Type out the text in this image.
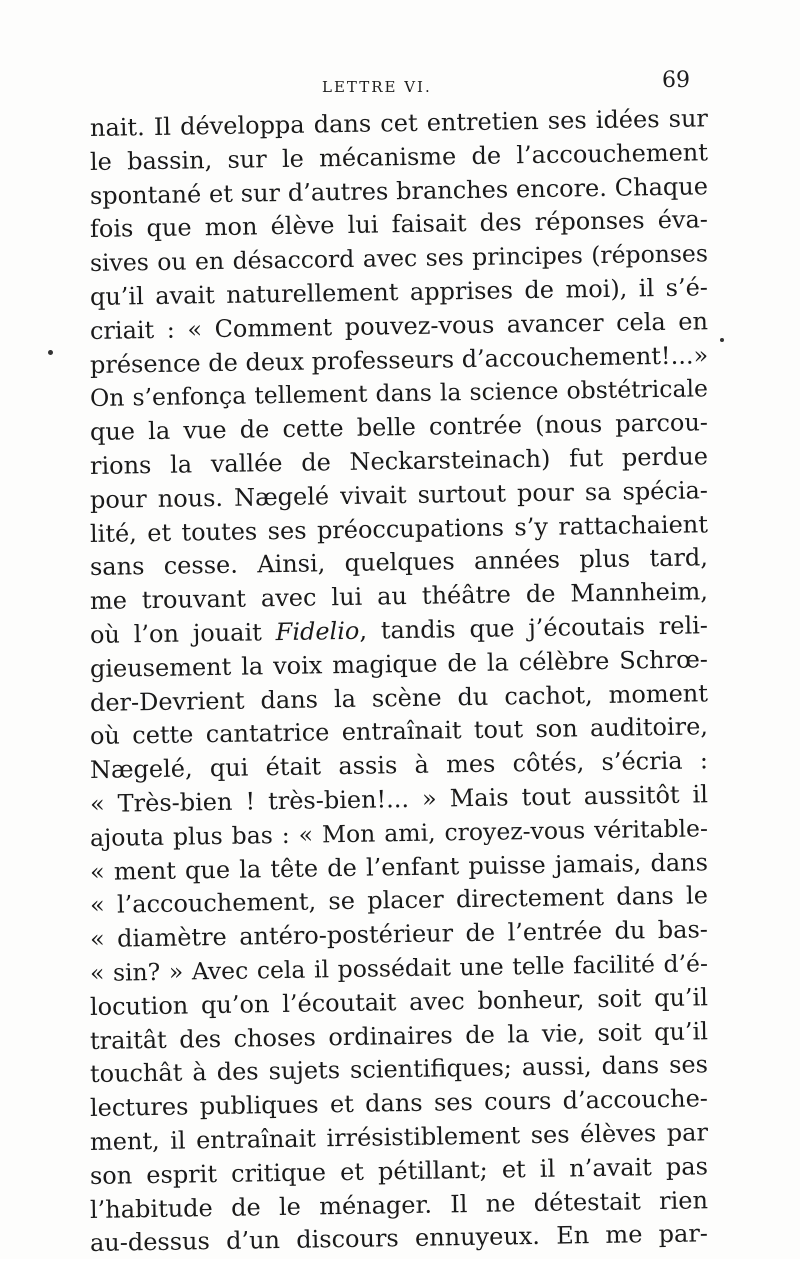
LETTRE VI.	69
nait. Il développa dans cet entretien ses idées sur
le bassin, sur le mécanisme de l’accouchement
spontané et sur d’autres branches encore. Chaque
fois que mon élève lui faisait des réponses éva-
sives ou en désaccord avec ses principes (réponses
qu’il avait naturellement apprises de moi), il s’é-
criait : « Comment pouvez-vous avancer cela en
présence de deux professeurs d’accouchement!...»
On s’enfonça tellement dans la science obstétricale
que la vue de cette belle contrée (nous parcou-
rions la vallée de Neckarsteinach) fut perdue
pour nous. Nægelé vivait surtout pour sa spécia-
lité, et toutes ses préoccupations s’y rattachaient
sans cesse. Ainsi, quelques années plus tard,
me trouvant avec lui au théâtre de Mannheim,
où l’on jouait Fidelio, tandis que j’écoutais reli-
gieusement la voix magique de la célèbre Schrœ-
der-Devrient dans la scène du cachot, moment
où cette cantatrice entraînait tout son auditoire,
Nægelé, qui était assis à mes côtés, s’écria :
« Très-bien ! très-bien!... » Mais tout aussitôt il
ajouta plus bas : « Mon ami, croyez-vous véritable-
« ment que la tête de l’enfant puisse jamais, dans
« l’accouchement, se placer directement dans le
« diamètre antéro-postérieur de l’entrée du bas-
« sin? » Avec cela il possédait une telle facilité d’é-
locution qu’on l’écoutait avec bonheur, soit qu’il
traitât des choses ordinaires de la vie, soit qu’il
touchât à des sujets scientifiques; aussi, dans ses
lectures publiques et dans ses cours d’accouche-
ment, il entraînait irrésistiblement ses élèves par
son esprit critique et pétillant; et il n’avait pas
l’habitude de le ménager. Il ne détestait rien
au-dessus d’un discours ennuyeux. En me par-
